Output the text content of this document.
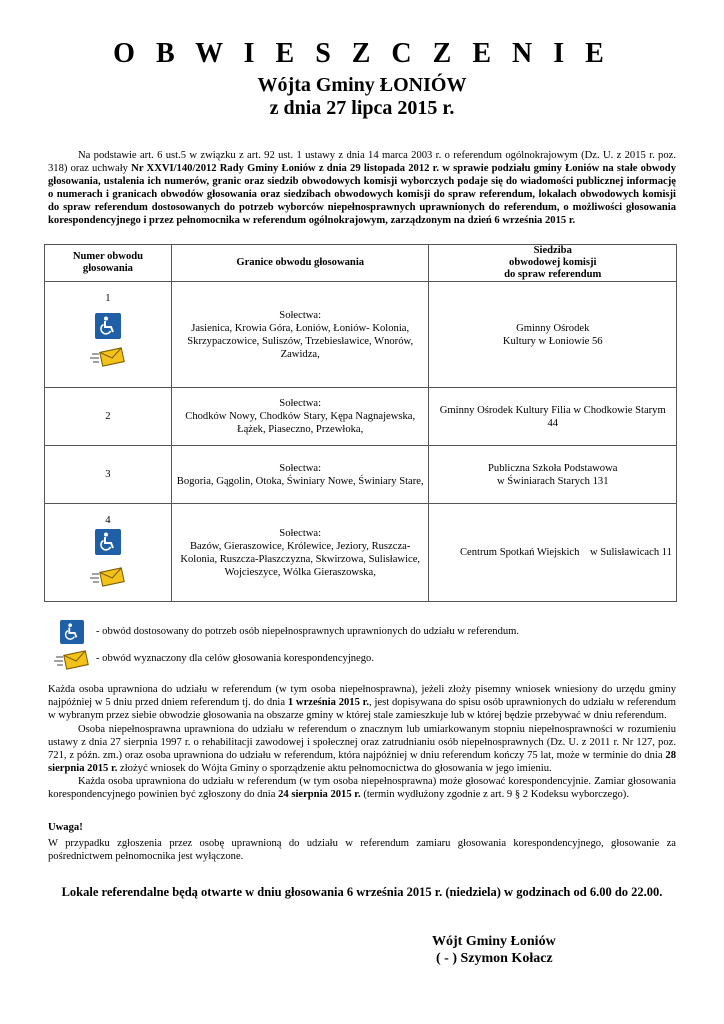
O B W I E S Z C Z E N I E
Wójta Gminy ŁONIÓW
z dnia 27 lipca 2015 r.
Na podstawie art. 6 ust.5 w związku z art. 92 ust. 1 ustawy z dnia 14 marca 2003 r. o referendum ogólnokrajowym (Dz. U. z 2015 r. poz. 318) oraz uchwały Nr XXVI/140/2012 Rady Gminy Łoniów z dnia 29 listopada 2012 r. w sprawie podziału gminy Łoniów na stałe obwody głosowania, ustalenia ich numerów, granic oraz siedzib obwodowych komisji wyborczych podaje się do wiadomości publicznej informację o numerach i granicach obwodów głosowania oraz siedzibach obwodowych komisji do spraw referendum, lokalach obwodowych komisji do spraw referendum dostosowanych do potrzeb wyborców niepełnosprawnych uprawnionych do referendum, o możliwości głosowania korespondencyjnego i przez pełnomocnika w referendum ogólnokrajowym, zarządzonym na dzień 6 września 2015 r.
Numer obwodu głosowania	Granice obwodu głosowania	Siedziba
obwodowej komisji
do spraw referendum

1	Sołectwa:
Jasienica, Krowia Góra, Łoniów, Łoniów- Kolonia, Skrzypaczowice, Suliszów, Trzebiesławice, Wnorów, Zawidza,	Gminny Ośrodek
Kultury w Łoniowie 56
2	Sołectwa:
Chodków Nowy, Chodków Stary, Kępa Nagnajewska, Łążek, Piaseczno, Przewłoka,	Gminny Ośrodek Kultury Filia w Chodkowie Starym 44
3	Sołectwa:
Bogoria, Gągolin, Otoka, Świniary Nowe, Świniary Stare,	Publiczna Szkoła Podstawowa
w Świniarach Starych 131

4	Sołectwa:
Bazów, Gieraszowice, Królewice, Jeziory, Ruszcza-Kolonia, Ruszcza-Płaszczyzna, Skwirzowa, Sulisławice, Wojcieszyce, Wólka Gieraszowska,	Centrum Spotkań Wiejskich    w Sulisławicach 11

- obwód dostosowany do potrzeb osób niepełnosprawnych uprawnionych do udziału w referendum.
- obwód wyznaczony dla celów głosowania korespondencyjnego.

Każda osoba uprawniona do udziału w referendum (w tym osoba niepełnosprawna), jeżeli złoży pisemny wniosek wniesiony do urzędu gminy najpóźniej w 5 dniu przed dniem referendum tj. do dnia 1 września 2015 r., jest dopisywana do spisu osób uprawnionych do udziału w referendum w wybranym przez siebie obwodzie głosowania na obszarze gminy w której stale zamieszkuje lub w której będzie przebywać w dniu referendum.

Osoba niepełnosprawna uprawniona do udziału w referendum o znacznym lub umiarkowanym stopniu niepełnosprawności w rozumieniu ustawy z dnia 27 sierpnia 1997 r. o rehabilitacji zawodowej i społecznej oraz zatrudnianiu osób niepełnosprawnych (Dz. U. z 2011 r. Nr 127, poz. 721, z późn. zm.) oraz osoba uprawniona do udziału w referendum, która najpóźniej w dniu referendum kończy 75 lat, może w terminie do dnia 28 sierpnia 2015 r. złożyć wniosek do Wójta Gminy o sporządzenie aktu pełnomocnictwa do głosowania w jego imieniu.

Każda osoba uprawniona do udziału w referendum (w tym osoba niepełnosprawna) może głosować korespondencyjnie. Zamiar głosowania korespondencyjnego powinien być zgłoszony do dnia 24 sierpnia 2015 r. (termin wydłużony zgodnie z art. 9 § 2 Kodeksu wyborczego).

Uwaga!

W przypadku zgłoszenia przez osobę uprawnioną do udziału w referendum zamiaru głosowania korespondencyjnego, głosowanie za pośrednictwem pełnomocnika jest wyłączone.

Lokale referendalne będą otwarte w dniu głosowania 6 września 2015 r. (niedziela) w godzinach od 6.00 do 22.00.
Wójt Gminy Łoniów
( - ) Szymon Kołacz
